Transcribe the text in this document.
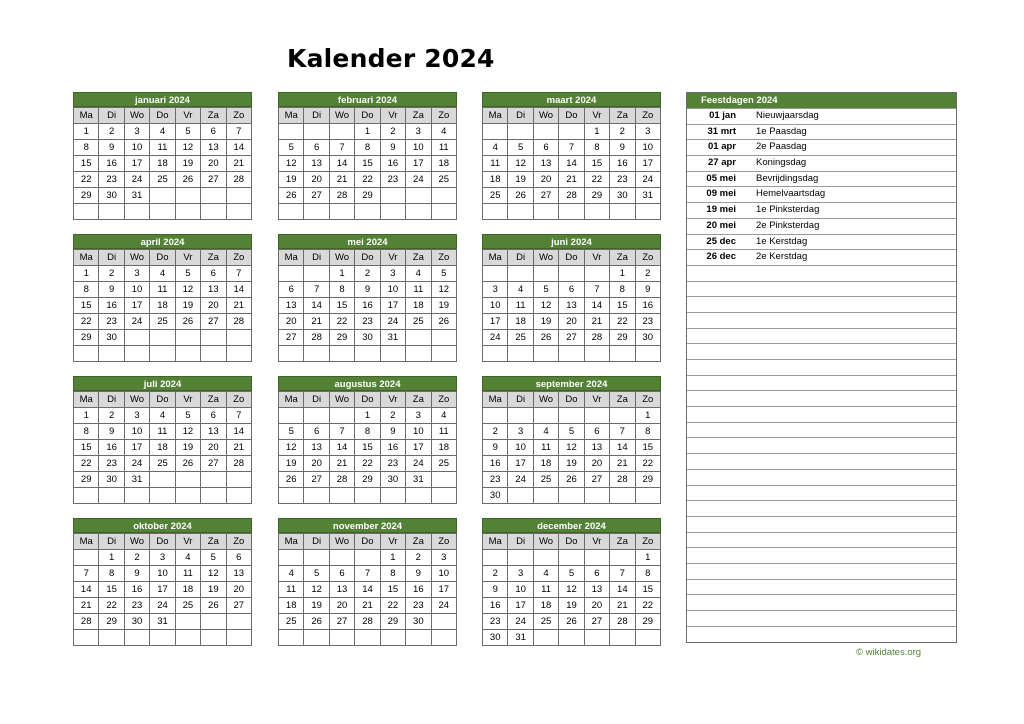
Kalender 2024
januari 2024
Ma	Di	Wo	Do	Vr	Za	Zo
1	2	3	4	5	6	7
8	9	10	11	12	13	14
15	16	17	18	19	20	21
22	23	24	25	26	27	28
29	30	31				

februari 2024
Ma	Di	Wo	Do	Vr	Za	Zo
			1	2	3	4
5	6	7	8	9	10	11
12	13	14	15	16	17	18
19	20	21	22	23	24	25
26	27	28	29			

maart 2024
Ma	Di	Wo	Do	Vr	Za	Zo
				1	2	3
4	5	6	7	8	9	10
11	12	13	14	15	16	17
18	19	20	21	22	23	24
25	26	27	28	29	30	31

april 2024
Ma	Di	Wo	Do	Vr	Za	Zo
1	2	3	4	5	6	7
8	9	10	11	12	13	14
15	16	17	18	19	20	21
22	23	24	25	26	27	28
29	30					

mei 2024
Ma	Di	Wo	Do	Vr	Za	Zo
		1	2	3	4	5
6	7	8	9	10	11	12
13	14	15	16	17	18	19
20	21	22	23	24	25	26
27	28	29	30	31		

juni 2024
Ma	Di	Wo	Do	Vr	Za	Zo
					1	2
3	4	5	6	7	8	9
10	11	12	13	14	15	16
17	18	19	20	21	22	23
24	25	26	27	28	29	30

juli 2024
Ma	Di	Wo	Do	Vr	Za	Zo
1	2	3	4	5	6	7
8	9	10	11	12	13	14
15	16	17	18	19	20	21
22	23	24	25	26	27	28
29	30	31				

augustus 2024
Ma	Di	Wo	Do	Vr	Za	Zo
			1	2	3	4
5	6	7	8	9	10	11
12	13	14	15	16	17	18
19	20	21	22	23	24	25
26	27	28	29	30	31	

september 2024
Ma	Di	Wo	Do	Vr	Za	Zo
						1
2	3	4	5	6	7	8
9	10	11	12	13	14	15
16	17	18	19	20	21	22
23	24	25	26	27	28	29
30						
oktober 2024
Ma	Di	Wo	Do	Vr	Za	Zo
	1	2	3	4	5	6
7	8	9	10	11	12	13
14	15	16	17	18	19	20
21	22	23	24	25	26	27
28	29	30	31			

november 2024
Ma	Di	Wo	Do	Vr	Za	Zo
				1	2	3
4	5	6	7	8	9	10
11	12	13	14	15	16	17
18	19	20	21	22	23	24
25	26	27	28	29	30	

december 2024
Ma	Di	Wo	Do	Vr	Za	Zo
						1
2	3	4	5	6	7	8
9	10	11	12	13	14	15
16	17	18	19	20	21	22
23	24	25	26	27	28	29
30	31					
Feestdagen 2024
01 jan Nieuwjaarsdag
31 mrt 1e Paasdag
01 apr 2e Paasdag
27 apr Koningsdag
05 mei Bevrijdingsdag
09 mei Hemelvaartsdag
19 mei 1e Pinksterdag
20 mei 2e Pinksterdag
25 dec 1e Kerstdag
26 dec 2e Kerstdag
© wikidates.org
